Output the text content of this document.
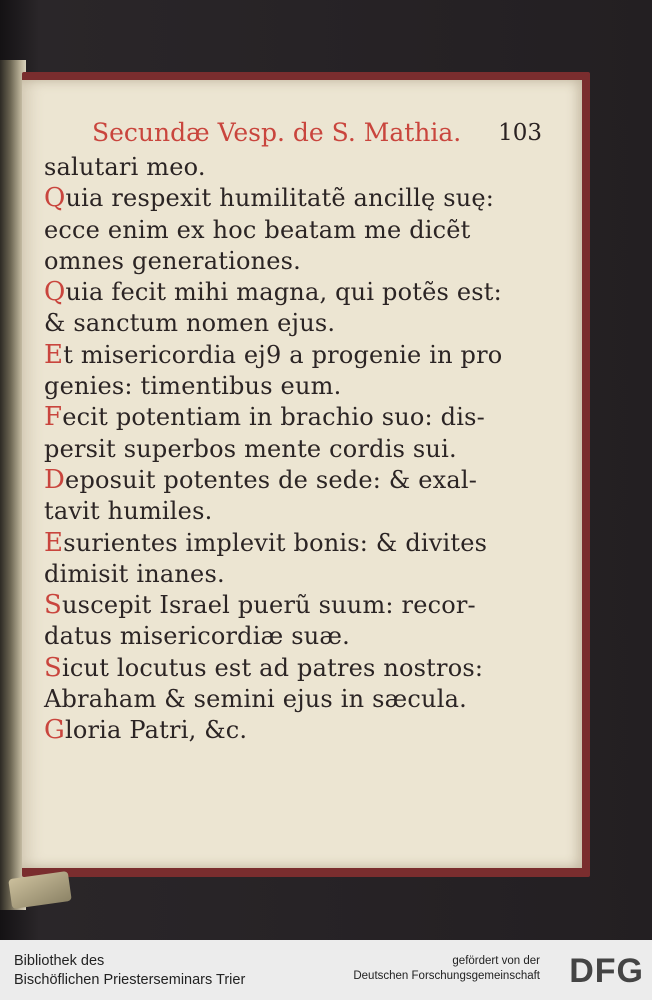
Secundæ Vesp. de S. Mathia. 103
salutari meo.
Quia respexit humilitatẽ ancillę suę:
ecce enim ex hoc beatam me dicẽt
omnes generationes.
Quia fecit mihi magna, qui potẽs est:
& sanctum nomen ejus.
Et misericordia ej9 a progenie in pro
genies: timentibus eum.
Fecit potentiam in brachio suo: dis-
persit superbos mente cordis sui.
Deposuit potentes de sede: & exal-
tavit humiles.
Esurientes implevit bonis: & divites
dimisit inanes.
Suscepit Israel puerũ suum: recor-
datus misericordiæ suæ.
Sicut locutus est ad patres nostros:
Abraham & semini ejus in sæcula.
Gloria Patri, &c.
Bibliothek des
Bischöflichen Priesterseminars Trier
gefördert von der
Deutschen Forschungsgemeinschaft DFG
